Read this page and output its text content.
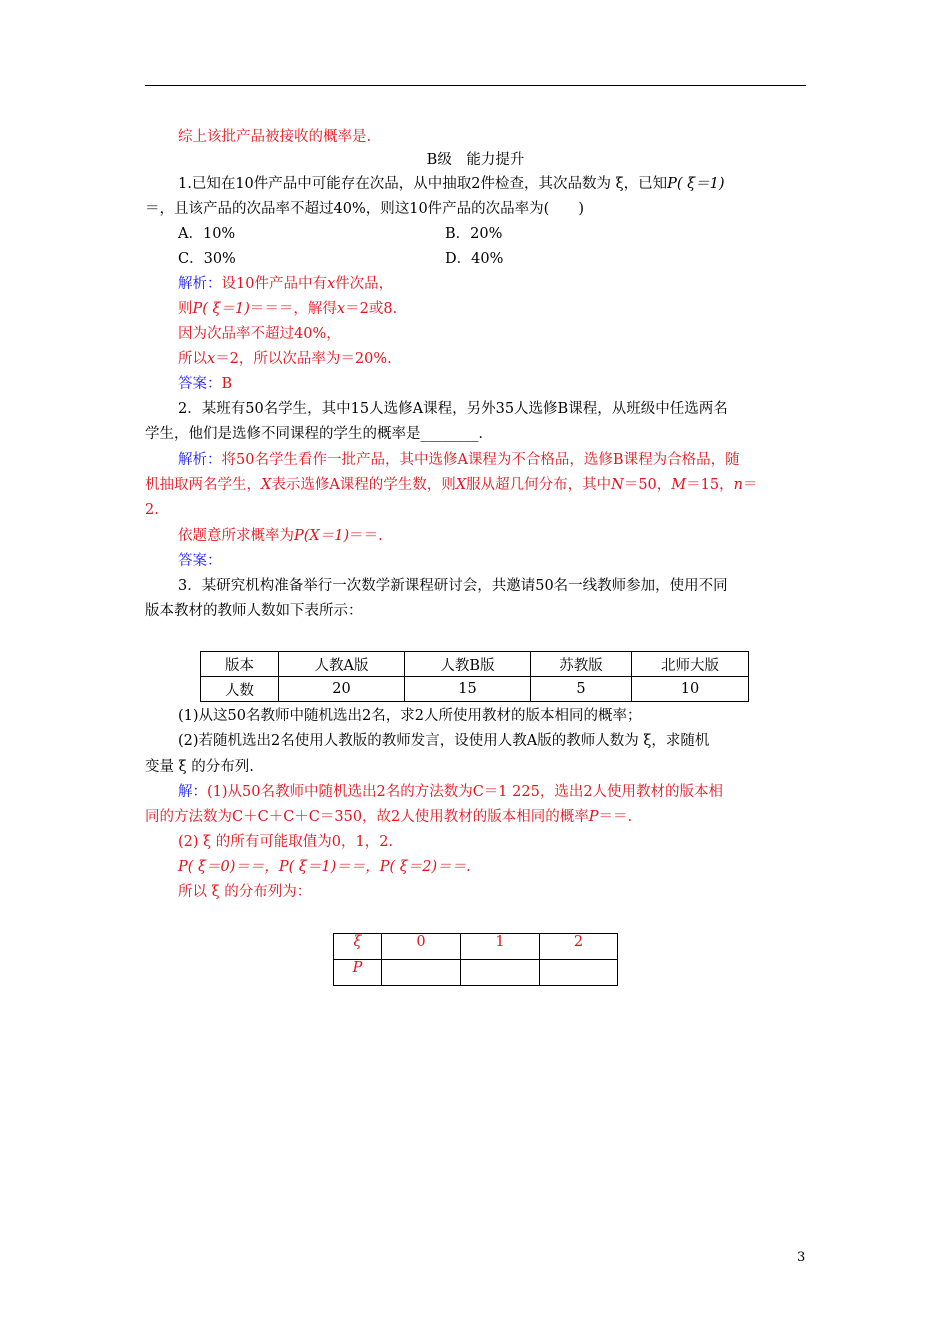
综上该批产品被接收的概率是.
B级　能力提升
1.已知在10件产品中可能存在次品，从中抽取2件检查，其次品数为 ξ，已知P( ξ＝1)
＝，且该产品的次品率不超过40%，则这10件产品的次品率为(　　)
A．10%	B．20%
C．30%	D．40%
解析：设10件产品中有x件次品，
则P( ξ＝1)＝＝＝，解得x＝2或8.
因为次品率不超过40%，
所以x＝2，所以次品率为＝20%.
答案：B
2．某班有50名学生，其中15人选修A课程，另外35人选修B课程，从班级中任选两名
学生，他们是选修不同课程的学生的概率是________．
解析：将50名学生看作一批产品，其中选修A课程为不合格品，选修B课程为合格品，随
机抽取两名学生，X表示选修A课程的学生数，则X服从超几何分布，其中N＝50，M＝15，n＝
2.
依题意所求概率为P(X＝1)＝＝.
答案：
3．某研究机构准备举行一次数学新课程研讨会，共邀请50名一线教师参加，使用不同
版本教材的教师人数如下表所示：
版本	人教A版	人教B版	苏教版	北师大版
人数	20	15	5	10
(1)从这50名教师中随机选出2名，求2人所使用教材的版本相同的概率；
(2)若随机选出2名使用人教版的教师发言，设使用人教A版的教师人数为 ξ，求随机
变量 ξ 的分布列.
解：(1)从50名教师中随机选出2名的方法数为C＝1 225，选出2人使用教材的版本相
同的方法数为C＋C＋C＋C＝350，故2人使用教材的版本相同的概率P＝＝.
(2) ξ 的所有可能取值为0，1，2.
P( ξ＝0)＝＝，P( ξ＝1)＝＝，P( ξ＝2)＝＝.
所以 ξ 的分布列为：
ξ	0	1	2
P			
3
